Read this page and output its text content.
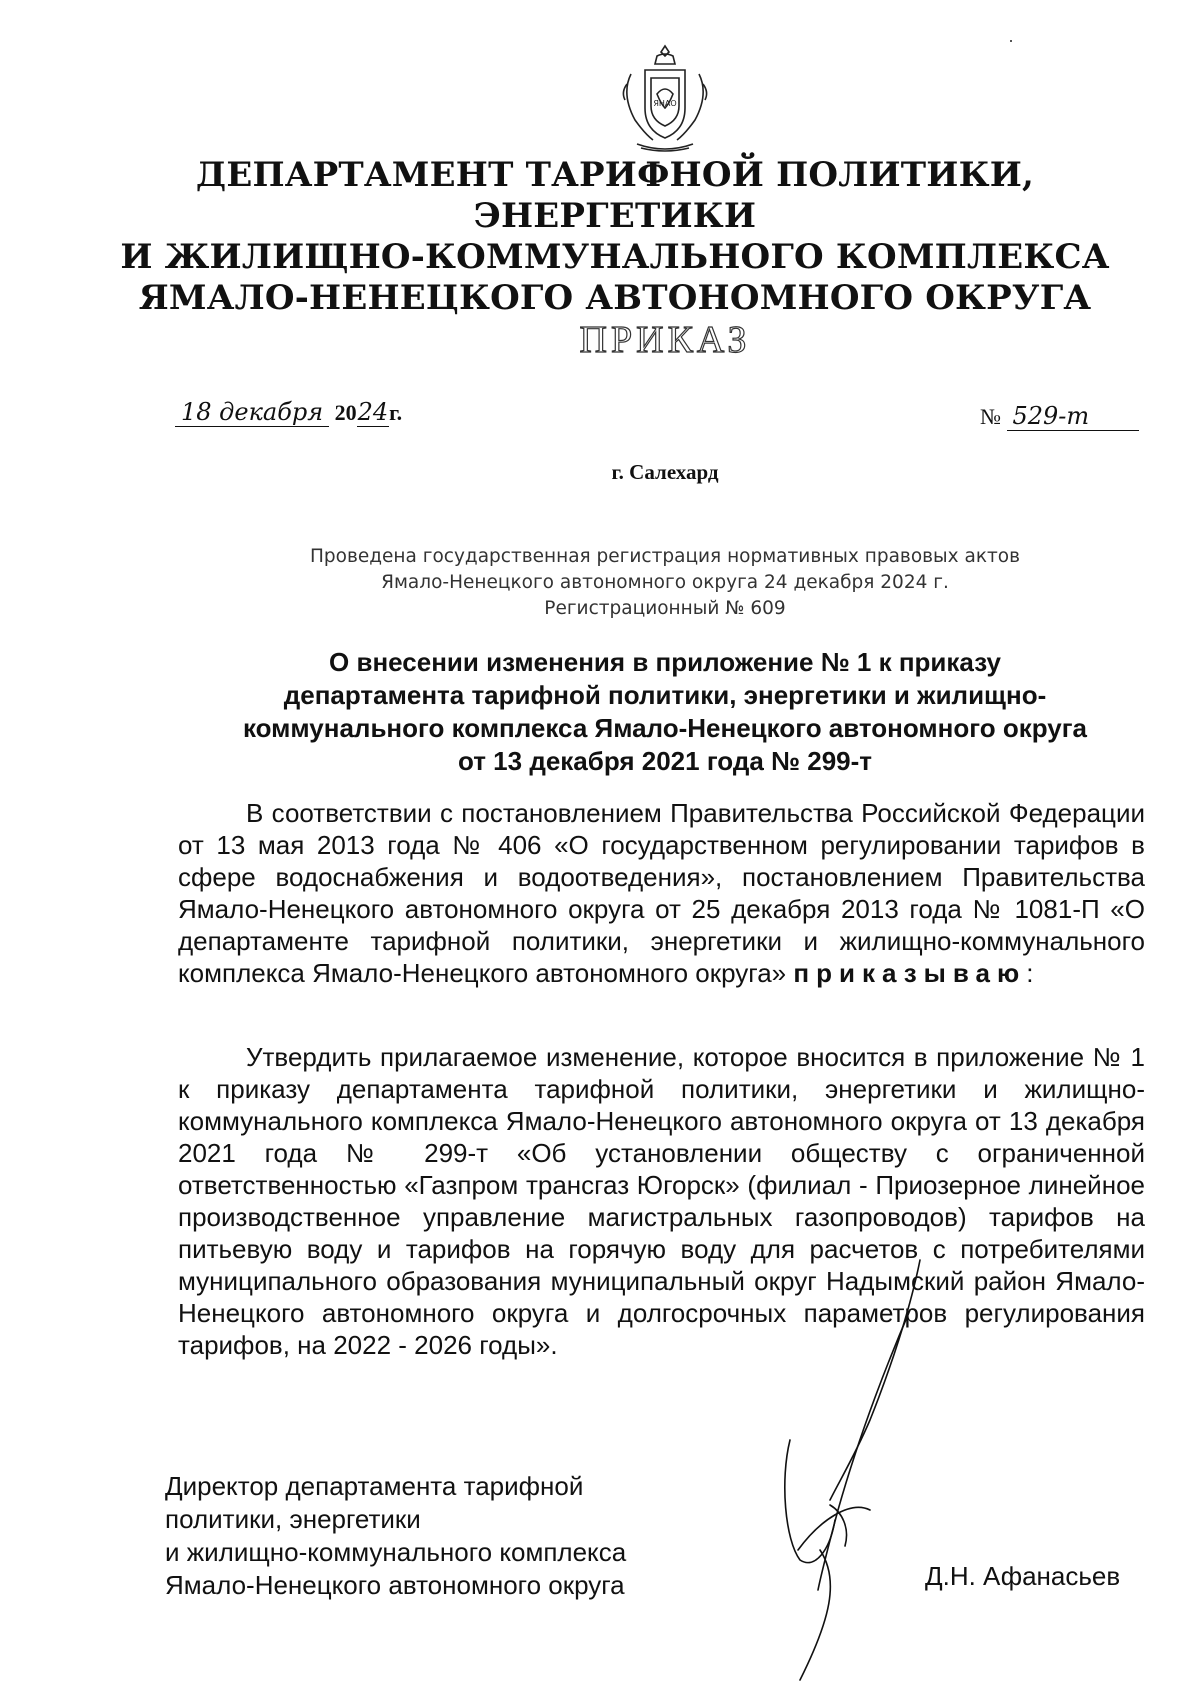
ЯНАО
ДЕПАРТАМЕНТ ТАРИФНОЙ ПОЛИТИКИ, ЭНЕРГЕТИКИ
И ЖИЛИЩНО-КОММУНАЛЬНОГО КОМПЛЕКСА
ЯМАЛО-НЕНЕЦКОГО АВТОНОМНОГО ОКРУГА
ПРИКАЗ
18 декабря 2024г.	№ 529-т
г. Салехард
Проведена государственная регистрация нормативных правовых актов
Ямало-Ненецкого автономного округа 24 декабря 2024 г.
Регистрационный № 609
О внесении изменения в приложение № 1 к приказу
департамента тарифной политики, энергетики и жилищно-
коммунального комплекса Ямало-Ненецкого автономного округа
от 13 декабря 2021 года № 299-т
В соответствии с постановлением Правительства Российской Федерации от 13 мая 2013 года № 406 «О государственном регулировании тарифов в сфере водоснабжения и водоотведения», постановлением Правительства Ямало-Ненецкого автономного округа от 25 декабря 2013 года № 1081-П «О департаменте тарифной политики, энергетики и жилищно-коммунального комплекса Ямало-Ненецкого автономного округа» приказываю:
Утвердить прилагаемое изменение, которое вносится в приложение № 1 к приказу департамента тарифной политики, энергетики и жилищно-коммунального комплекса Ямало-Ненецкого автономного округа от 13 декабря 2021 года № 299-т «Об установлении обществу с ограниченной ответственностью «Газпром трансгаз Югорск» (филиал - Приозерное линейное производственное управление магистральных газопроводов) тарифов на питьевую воду и тарифов на горячую воду для расчетов с потребителями муниципального образования муниципальный округ Надымский район Ямало-Ненецкого автономного округа и долгосрочных параметров регулирования тарифов, на 2022 - 2026 годы».
Директор департамента тарифной
политики, энергетики
и жилищно-коммунального комплекса
Ямало-Ненецкого автономного округа	Д.Н. Афанасьев
